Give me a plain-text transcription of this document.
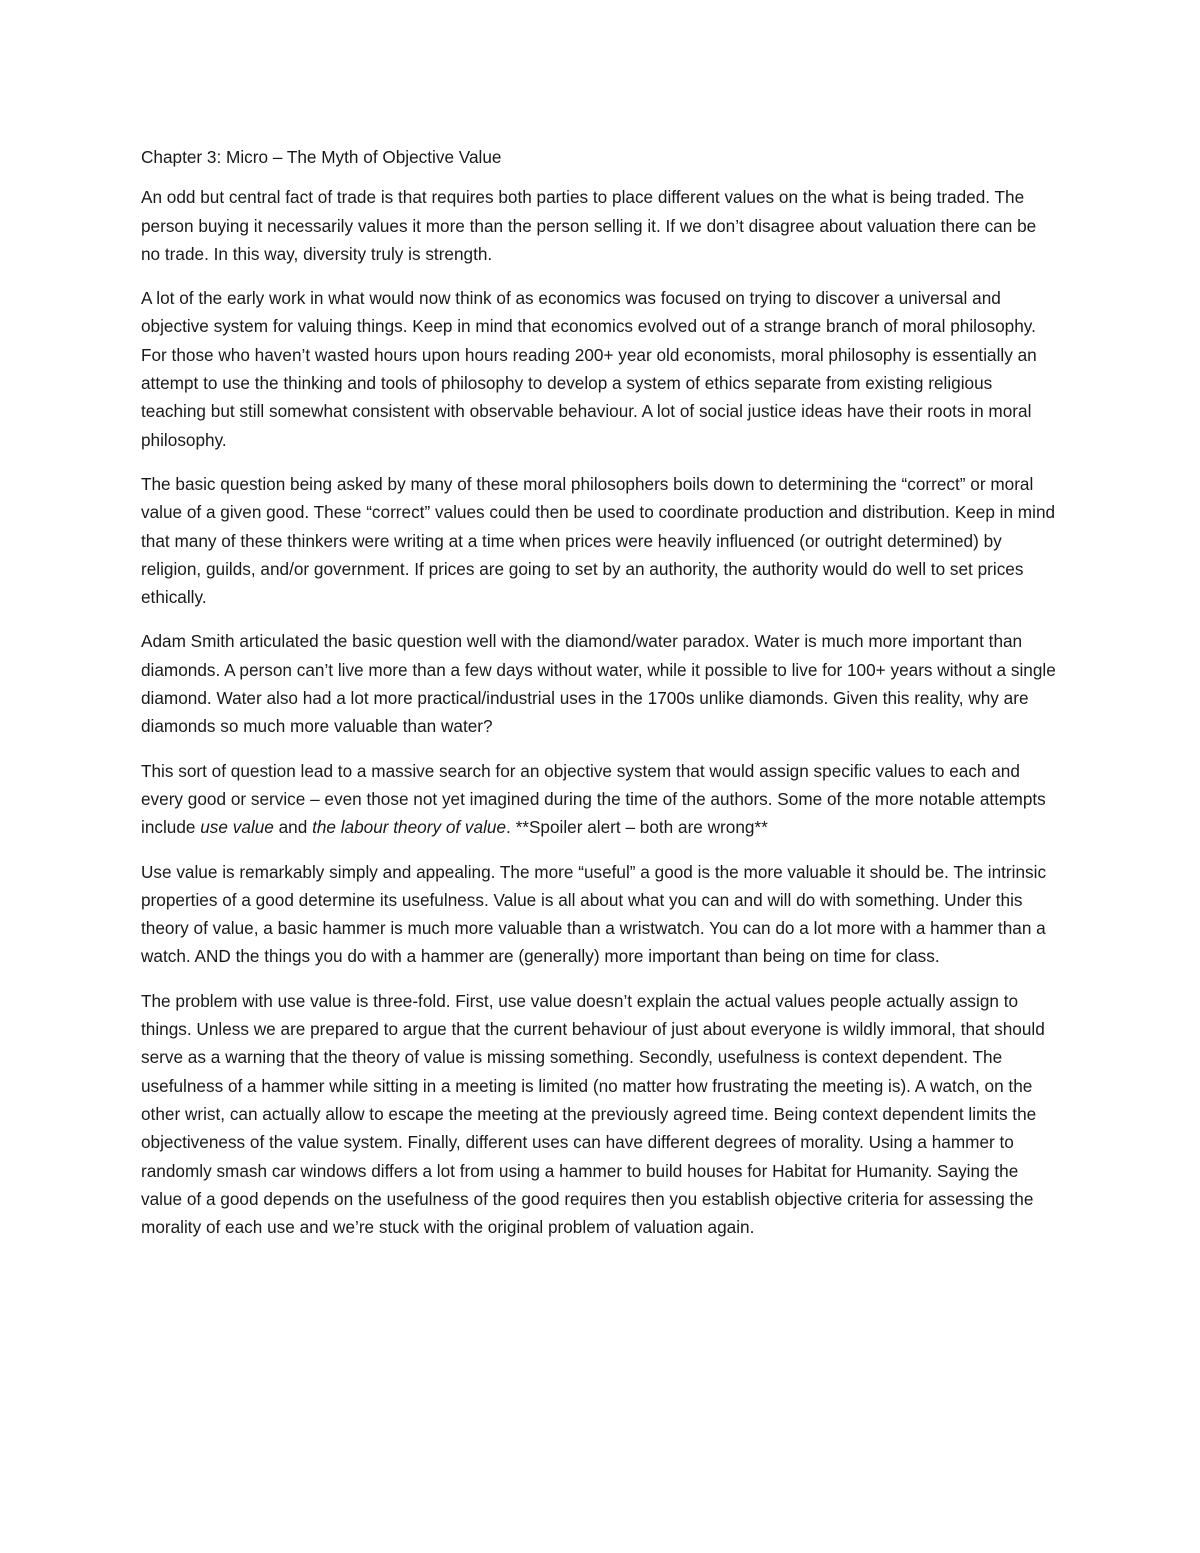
Chapter 3: Micro – The Myth of Objective Value

An odd but central fact of trade is that requires both parties to place different values on the what is being traded. The person buying it necessarily values it more than the person selling it. If we don’t disagree about valuation there can be no trade. In this way, diversity truly is strength.

A lot of the early work in what would now think of as economics was focused on trying to discover a universal and objective system for valuing things. Keep in mind that economics evolved out of a strange branch of moral philosophy. For those who haven’t wasted hours upon hours reading 200+ year old economists, moral philosophy is essentially an attempt to use the thinking and tools of philosophy to develop a system of ethics separate from existing religious teaching but still somewhat consistent with observable behaviour. A lot of social justice ideas have their roots in moral philosophy.

The basic question being asked by many of these moral philosophers boils down to determining the “correct” or moral value of a given good. These “correct” values could then be used to coordinate production and distribution. Keep in mind that many of these thinkers were writing at a time when prices were heavily influenced (or outright determined) by religion, guilds, and/or government. If prices are going to set by an authority, the authority would do well to set prices ethically.

Adam Smith articulated the basic question well with the diamond/water paradox. Water is much more important than diamonds. A person can’t live more than a few days without water, while it possible to live for 100+ years without a single diamond. Water also had a lot more practical/industrial uses in the 1700s unlike diamonds. Given this reality, why are diamonds so much more valuable than water?

This sort of question lead to a massive search for an objective system that would assign specific values to each and every good or service – even those not yet imagined during the time of the authors. Some of the more notable attempts include use value and the labour theory of value. **Spoiler alert – both are wrong**

Use value is remarkably simply and appealing. The more “useful” a good is the more valuable it should be. The intrinsic properties of a good determine its usefulness. Value is all about what you can and will do with something. Under this theory of value, a basic hammer is much more valuable than a wristwatch. You can do a lot more with a hammer than a watch. AND the things you do with a hammer are (generally) more important than being on time for class.

The problem with use value is three-fold. First, use value doesn’t explain the actual values people actually assign to things. Unless we are prepared to argue that the current behaviour of just about everyone is wildly immoral, that should serve as a warning that the theory of value is missing something. Secondly, usefulness is context dependent. The usefulness of a hammer while sitting in a meeting is limited (no matter how frustrating the meeting is). A watch, on the other wrist, can actually allow to escape the meeting at the previously agreed time. Being context dependent limits the objectiveness of the value system. Finally, different uses can have different degrees of morality. Using a hammer to randomly smash car windows differs a lot from using a hammer to build houses for Habitat for Humanity. Saying the value of a good depends on the usefulness of the good requires then you establish objective criteria for assessing the morality of each use and we’re stuck with the original problem of valuation again.
